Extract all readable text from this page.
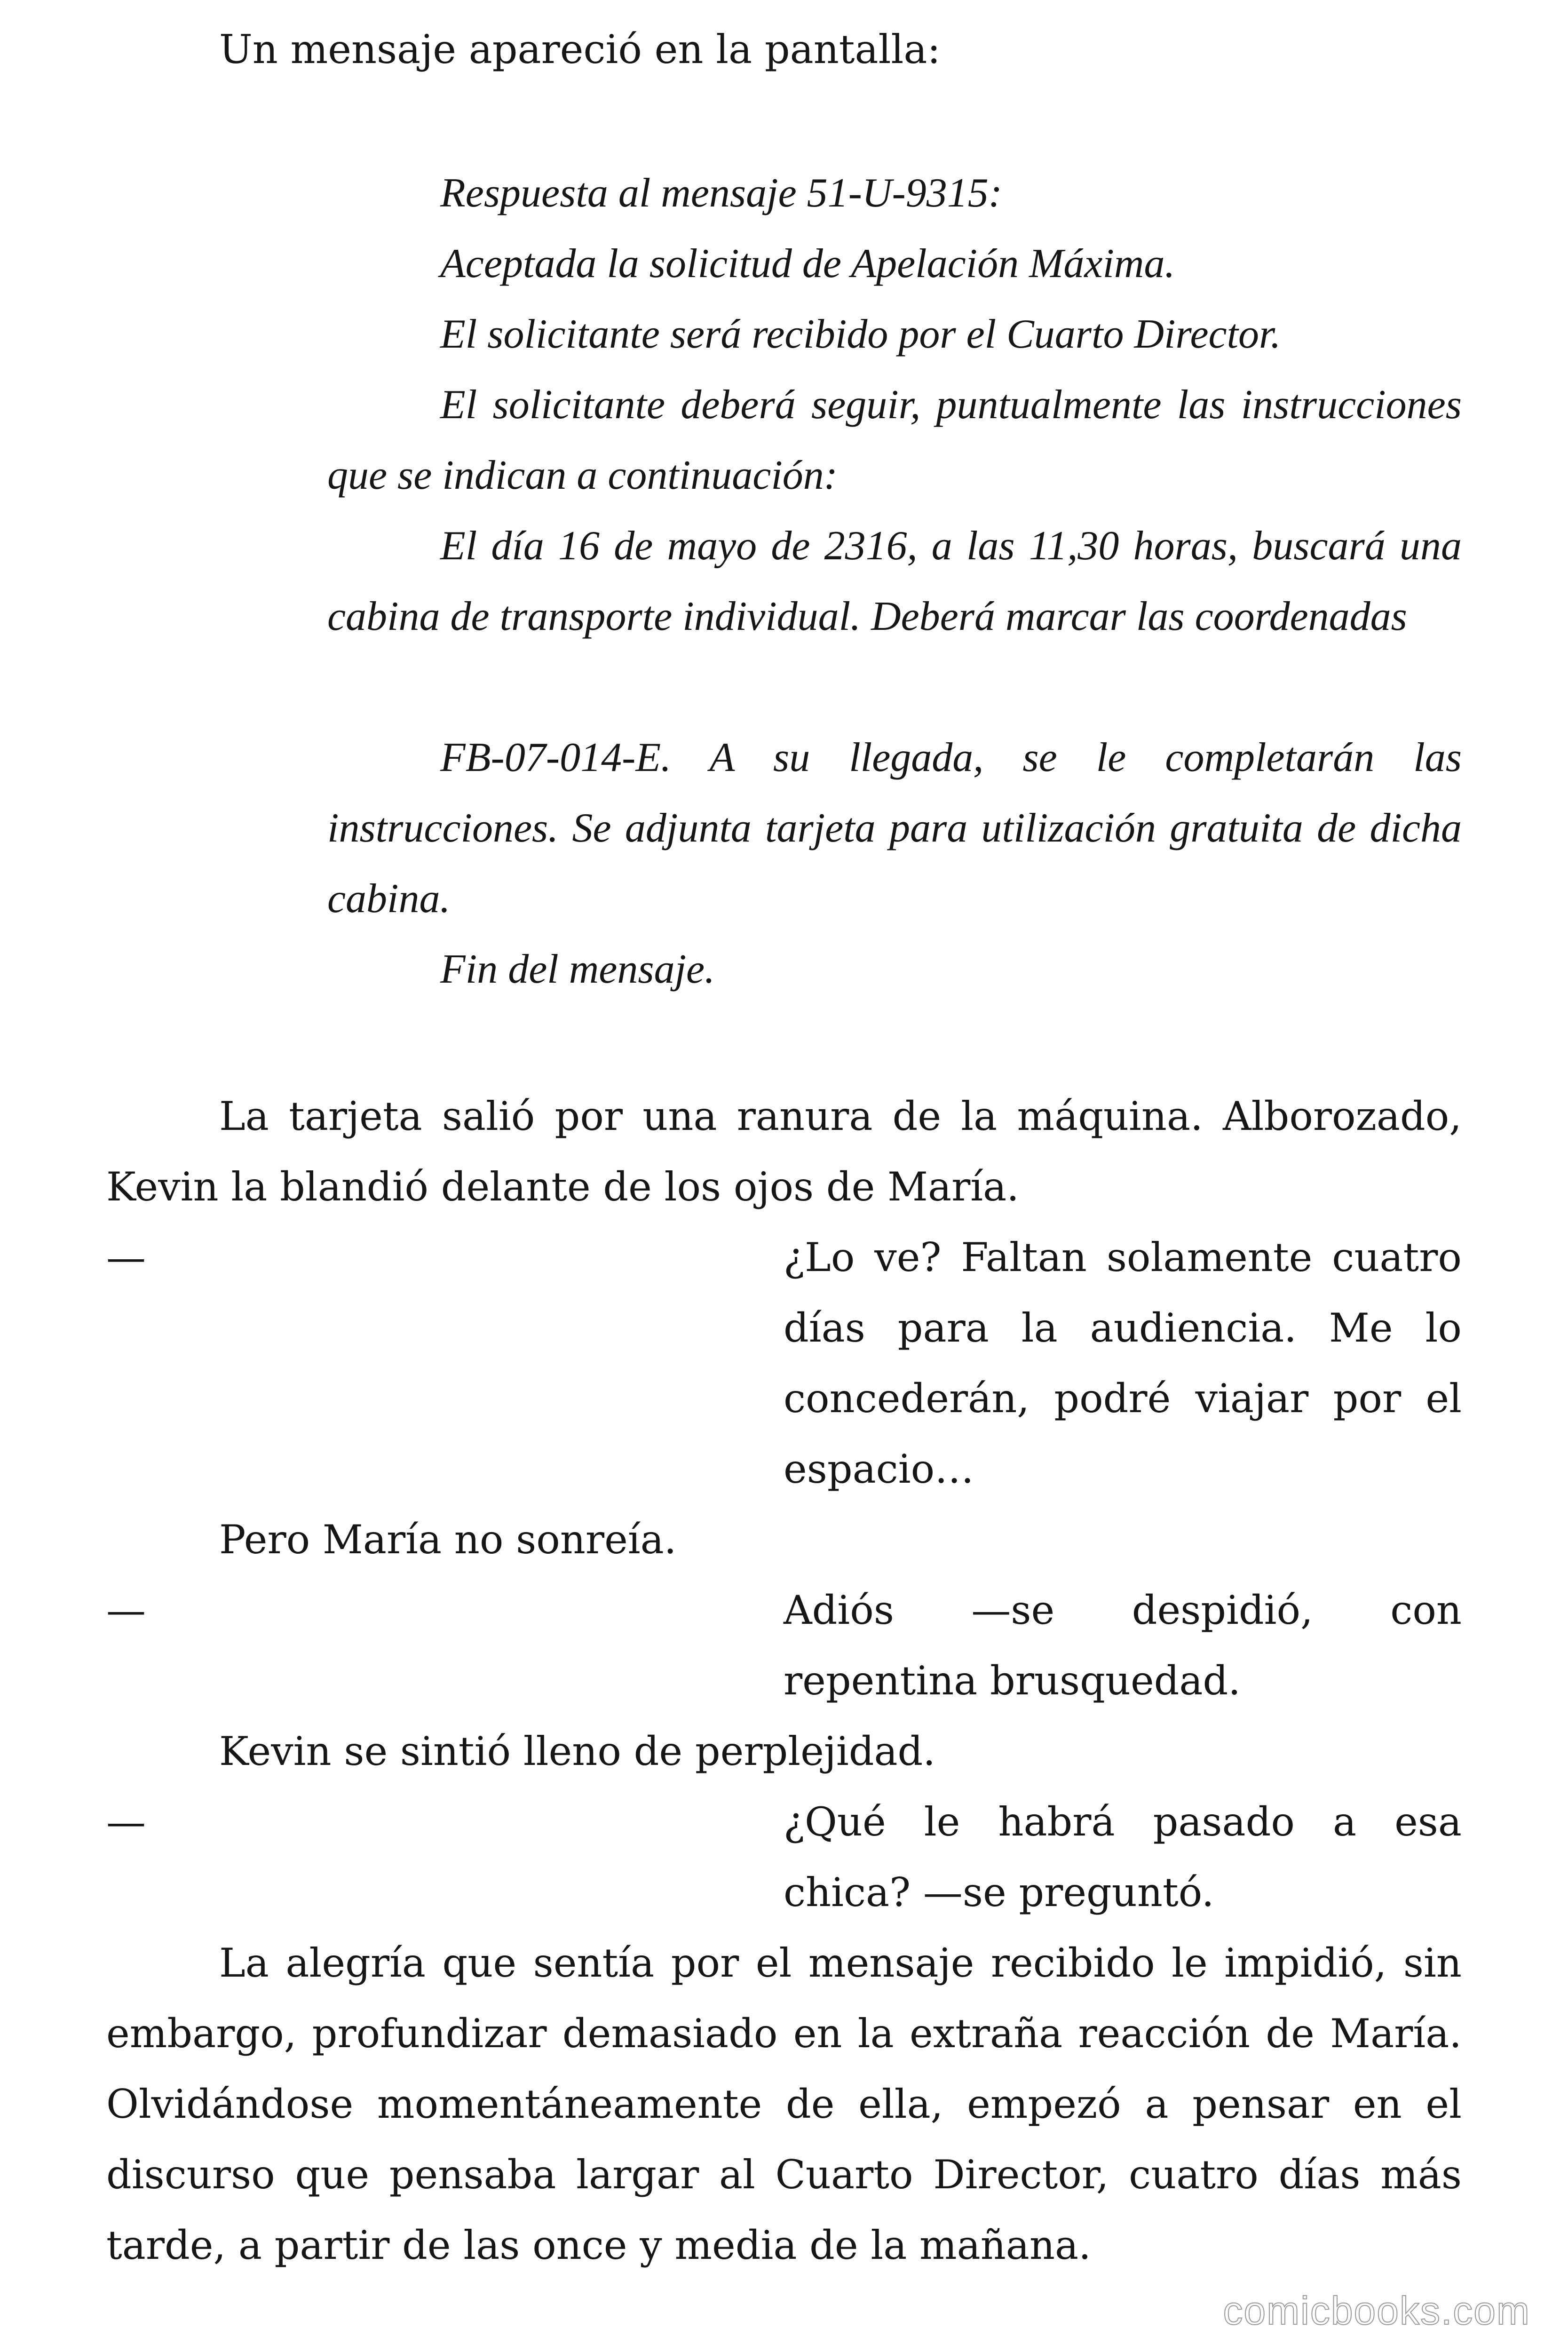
Un mensaje apareció en la pantalla:

Respuesta al mensaje 51-U-9315:

Aceptada la solicitud de Apelación Máxima.

El solicitante será recibido por el Cuarto Director.

El solicitante deberá seguir, puntualmente las instrucciones que se indican a continuación:

El día 16 de mayo de 2316, a las 11,30 horas, buscará una cabina de transporte individual. Deberá marcar las coordenadas

FB-07-014-E. A su llegada, se le completarán las instrucciones. Se adjunta tarjeta para utilización gratuita de dicha cabina.

Fin del mensaje.

La tarjeta salió por una ranura de la máquina. Alborozado, Kevin la blandió delante de los ojos de María.

—	¿Lo ve? Faltan solamente cuatro días para la audiencia. Me lo concederán, podré viajar por el espacio…

Pero María no sonreía.

—	Adiós —se despidió, con repentina brusquedad.

Kevin se sintió lleno de perplejidad.

—	¿Qué le habrá pasado a esa chica? —se preguntó.

La alegría que sentía por el mensaje recibido le impidió, sin embargo, profundizar demasiado en la extraña reacción de María. Olvidándose momentáneamente de ella, empezó a pensar en el discurso que pensaba largar al Cuarto Director, cuatro días más tarde, a partir de las once y media de la mañana.

comicbooks.com
